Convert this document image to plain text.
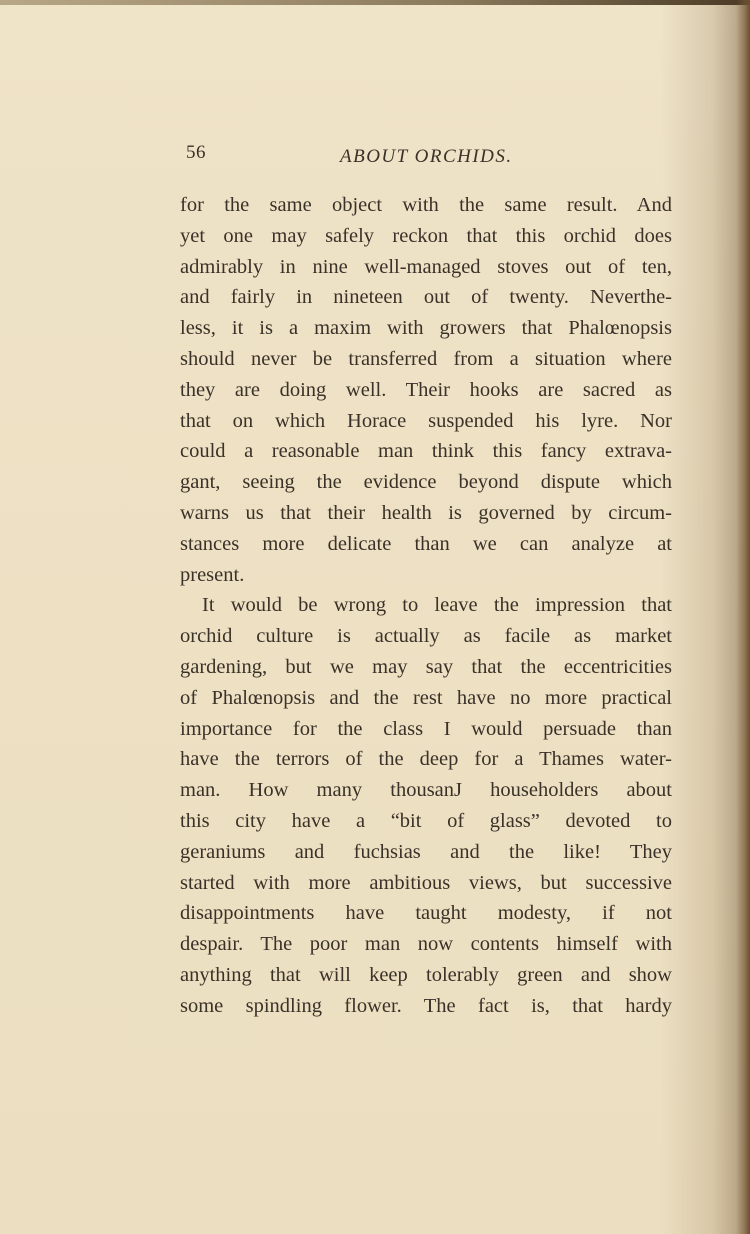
56	ABOUT ORCHIDS.
for the same object with the same result. And
yet one may safely reckon that this orchid does
admirably in nine well-managed stoves out of ten,
and fairly in nineteen out of twenty. Neverthe-
less, it is a maxim with growers that Phalœnopsis
should never be transferred from a situation where
they are doing well. Their hooks are sacred as
that on which Horace suspended his lyre. Nor
could a reasonable man think this fancy extrava-
gant, seeing the evidence beyond dispute which
warns us that their health is governed by circum-
stances more delicate than we can analyze at
present.
It would be wrong to leave the impression that
orchid culture is actually as facile as market
gardening, but we may say that the eccentricities
of Phalœnopsis and the rest have no more practical
importance for the class I would persuade than
have the terrors of the deep for a Thames water-
man. How many thousanJ householders about
this city have a “bit of glass” devoted to
geraniums and fuchsias and the like! They
started with more ambitious views, but successive
disappointments have taught modesty, if not
despair. The poor man now contents himself with
anything that will keep tolerably green and show
some spindling flower. The fact is, that hardy
